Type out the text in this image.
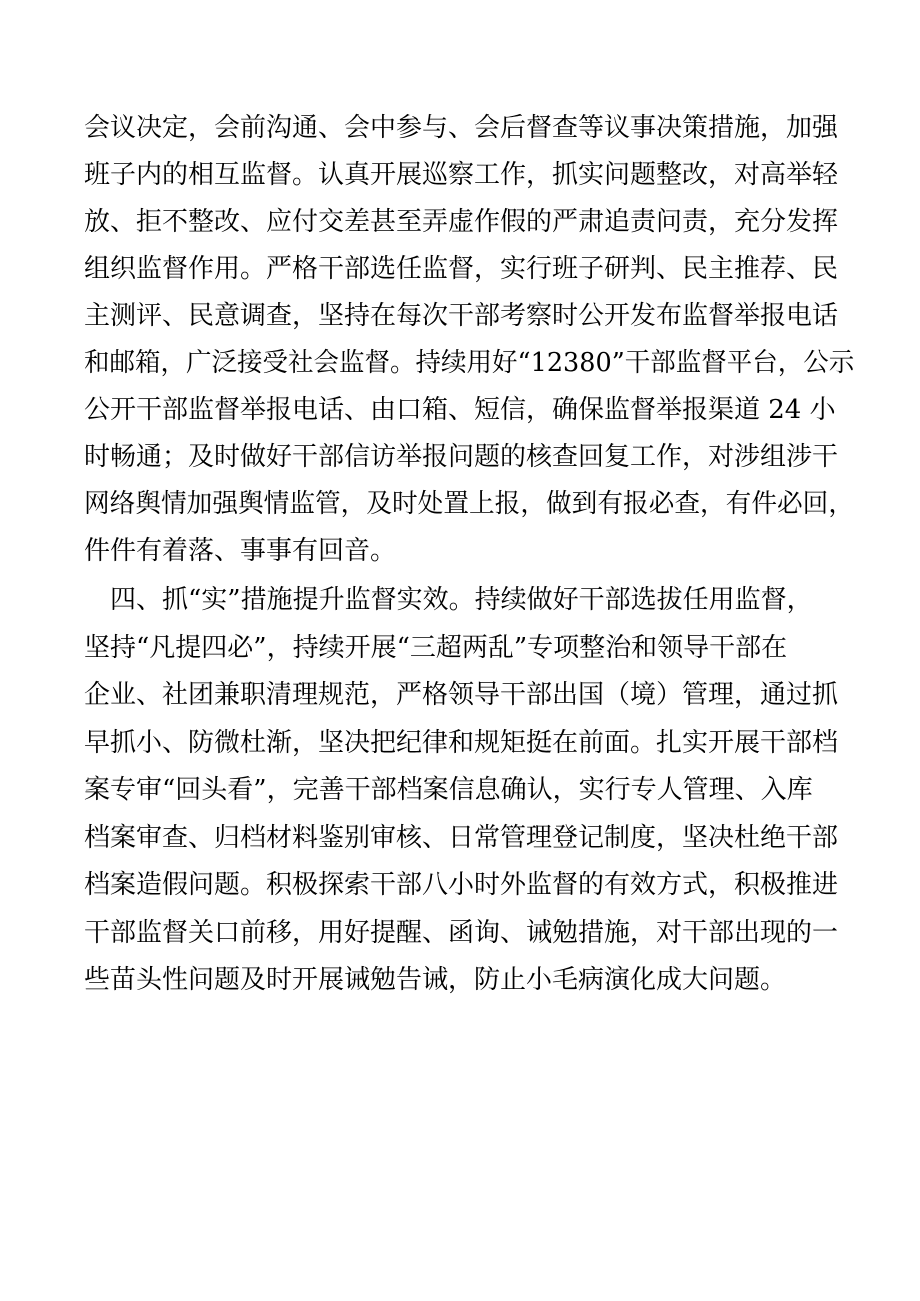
会议决定，会前沟通、会中参与、会后督查等议事决策措施，加强
班子内的相互监督。认真开展巡察工作，抓实问题整改，对高举轻
放、拒不整改、应付交差甚至弄虚作假的严肃追责问责，充分发挥
组织监督作用。严格干部选任监督，实行班子研判、民主推荐、民
主测评、民意调查，坚持在每次干部考察时公开发布监督举报电话
和邮箱，广泛接受社会监督。持续用好“12380”干部监督平台，公示
公开干部监督举报电话、由口箱、短信，确保监督举报渠道 24 小
时畅通；及时做好干部信访举报问题的核查回复工作，对涉组涉干
网络舆情加强舆情监管，及时处置上报，做到有报必查，有件必回，
件件有着落、事事有回音。
　四、抓“实”措施提升监督实效。持续做好干部选拔任用监督，
坚持“凡提四必”，持续开展“三超两乱”专项整治和领导干部在
企业、社团兼职清理规范，严格领导干部出国（境）管理，通过抓
早抓小、防微杜渐，坚决把纪律和规矩挺在前面。扎实开展干部档
案专审“回头看”，完善干部档案信息确认，实行专人管理、入库
档案审查、归档材料鉴别审核、日常管理登记制度，坚决杜绝干部
档案造假问题。积极探索干部八小时外监督的有效方式，积极推进
干部监督关口前移，用好提醒、函询、诫勉措施，对干部出现的一
些苗头性问题及时开展诫勉告诫，防止小毛病演化成大问题。
